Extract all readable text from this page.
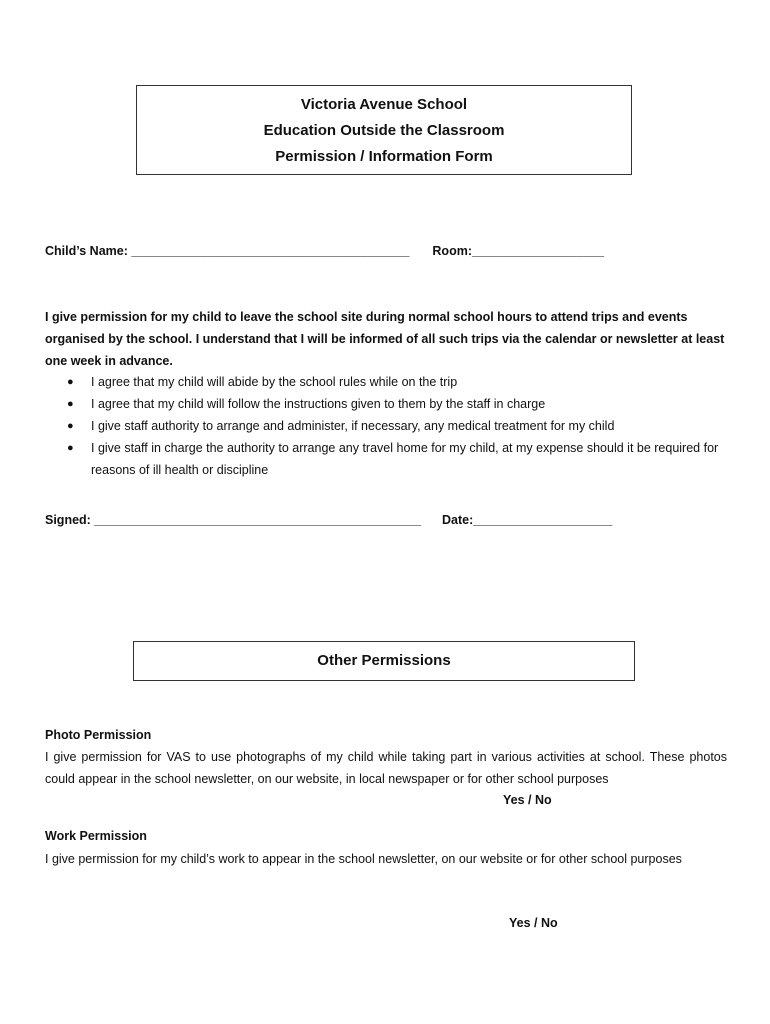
Victoria Avenue School
Education Outside the Classroom
Permission / Information Form
Child’s Name: ________________________________________ Room:___________________
I give permission for my child to leave the school site during normal school hours to attend trips and events organised by the school. I understand that I will be informed of all such trips via the calendar or newsletter at least one week in advance.
● I agree that my child will abide by the school rules while on the trip
● I agree that my child will follow the instructions given to them by the staff in charge
● I give staff authority to arrange and administer, if necessary, any medical treatment for my child
● I give staff in charge the authority to arrange any travel home for my child, at my expense should it be required for reasons of ill health or discipline
Signed: _______________________________________________ Date:____________________
Other Permissions
Photo Permission
I give permission for VAS to use photographs of my child while taking part in various activities at school. These photos could appear in the school newsletter, on our website, in local newspaper or for other school purposes
Yes / No
Work Permission
I give permission for my child’s work to appear in the school newsletter, on our website or for other school purposes
Yes / No
